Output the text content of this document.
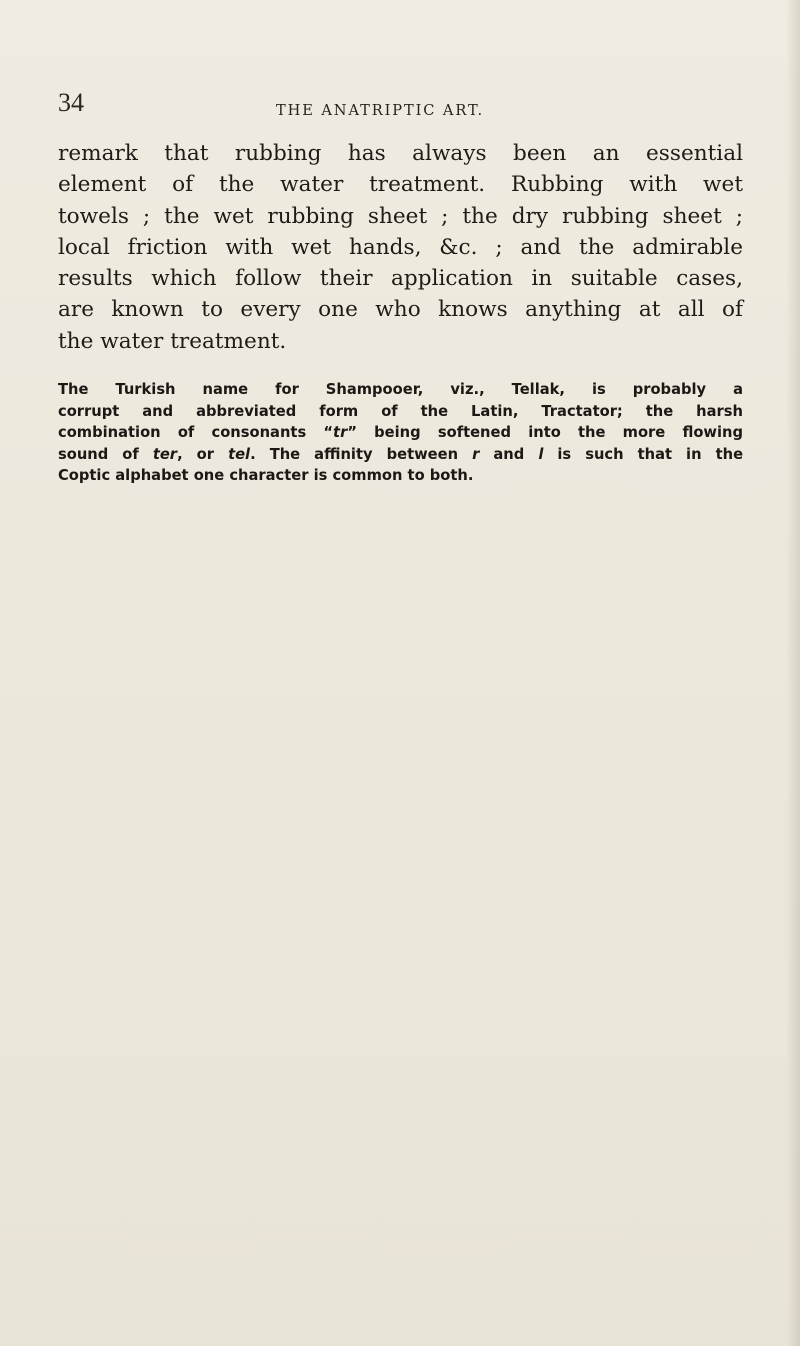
34	THE ANATRIPTIC ART.
remark that rubbing has always been an essential
element of the water treatment. Rubbing with wet
towels ; the wet rubbing sheet ; the dry rubbing sheet ;
local friction with wet hands, &c. ; and the admirable
results which follow their application in suitable cases,
are known to every one who knows anything at all of
the water treatment.
The Turkish name for Shampooer, viz., Tellak, is probably a
corrupt and abbreviated form of the Latin, Tractator; the harsh
combination of consonants “tr” being softened into the more flowing
sound of ter, or tel. The affinity between r and l is such that in the
Coptic alphabet one character is common to both.
